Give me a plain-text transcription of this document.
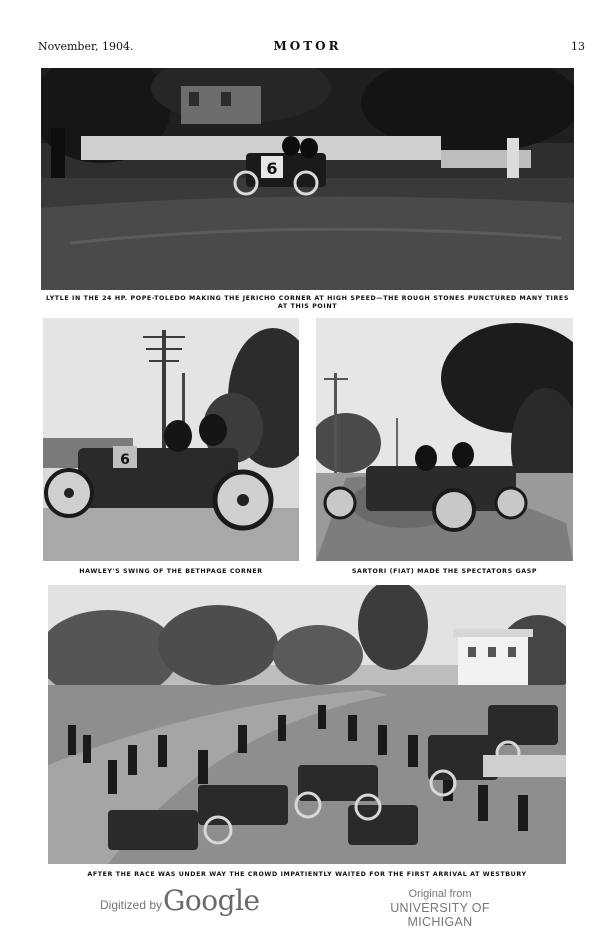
November, 1904.	MOTOR	13
6
LYTLE IN THE 24 HP. POPE-TOLEDO MAKING THE JERICHO CORNER AT HIGH SPEED—THE ROUGH STONES PUNCTURED MANY TIRES AT THIS POINT
6
HAWLEY'S SWING OF THE BETHPAGE CORNER	SARTORI (FIAT) MADE THE SPECTATORS GASP
AFTER THE RACE WAS UNDER WAY THE CROWD IMPATIENTLY WAITED FOR THE FIRST ARRIVAL AT WESTBURY
Digitized by Google	Original from
UNIVERSITY OF MICHIGAN
